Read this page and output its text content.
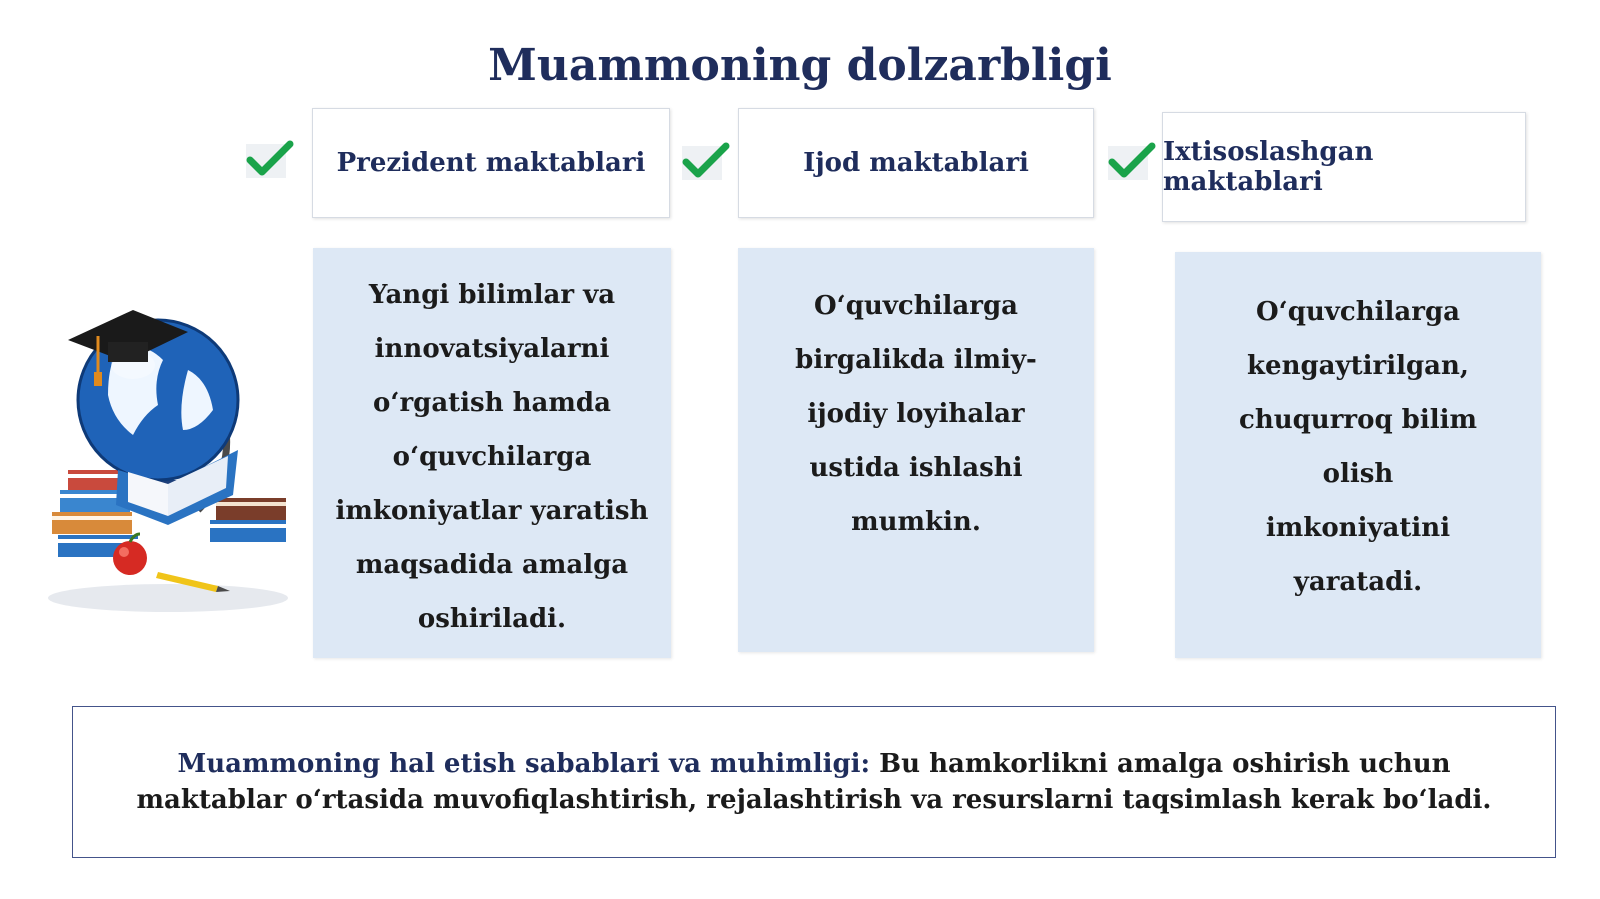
Muammoning dolzarbligi
Prezident maktablari
Yangi bilimlar va innovatsiyalarni o‘rgatish hamda o‘quvchilarga imkoniyatlar yaratish maqsadida amalga oshiriladi.
Ijod maktablari
O‘quvchilarga birgalikda ilmiy-ijodiy loyihalar ustida ishlashi mumkin.
Ixtisoslashgan maktablari
O‘quvchilarga kengaytirilgan, chuqurroq bilim olish imkoniyatini yaratadi.
Muammoning hal etish sabablari va muhimligi: Bu hamkorlikni amalga oshirish uchun maktablar o‘rtasida muvofiqlashtirish, rejalashtirish va resurslarni taqsimlash kerak bo‘ladi.
